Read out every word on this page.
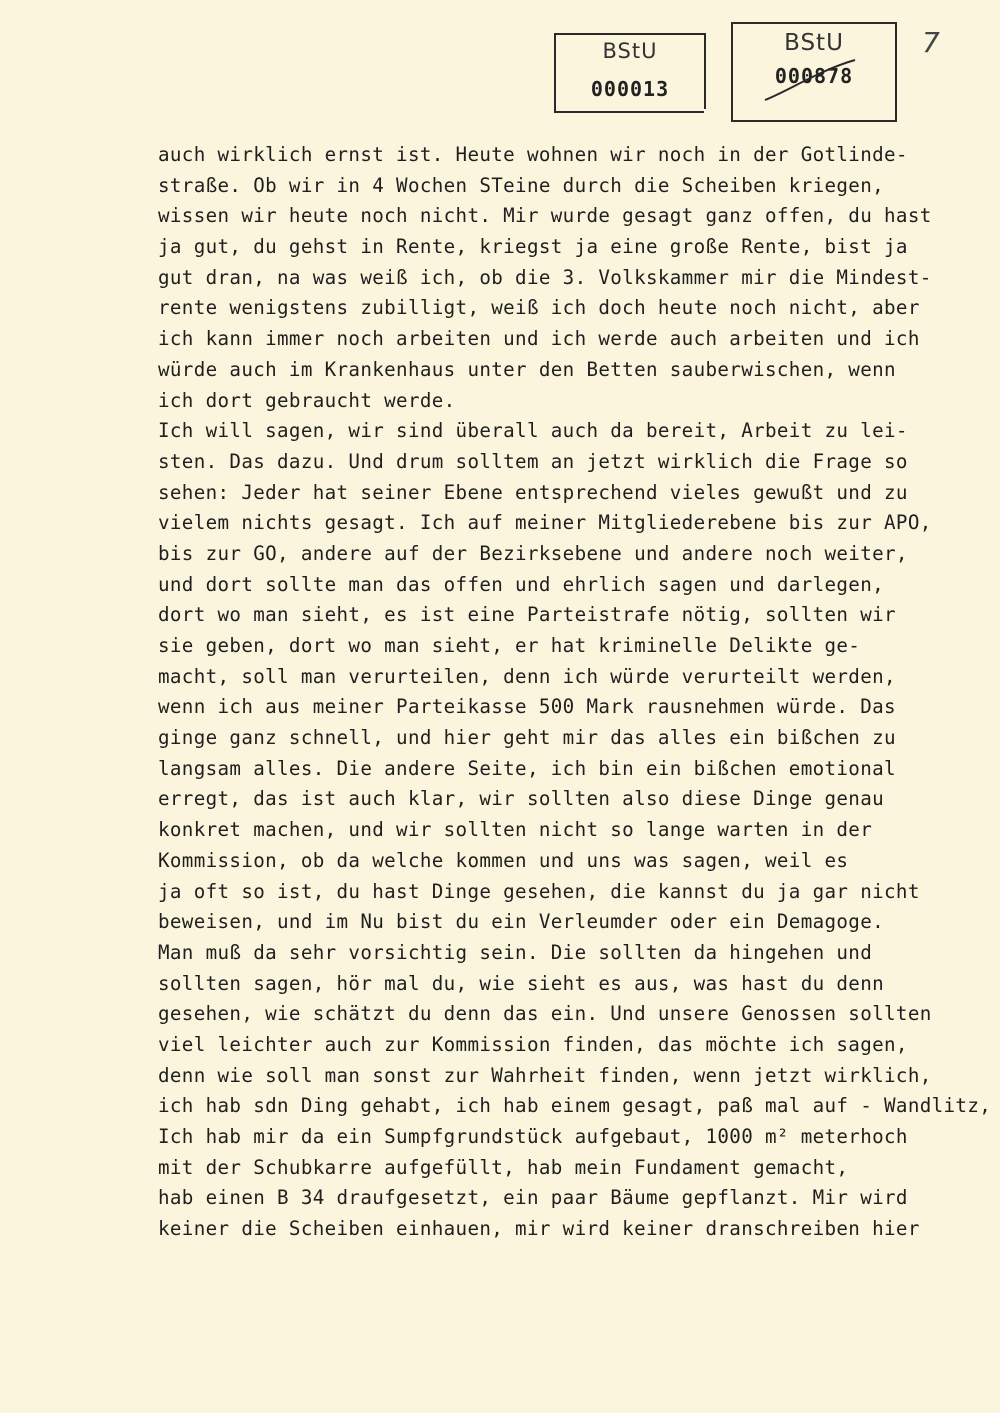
BStU
000013
BStU
000878
7
auch wirklich ernst ist. Heute wohnen wir noch in der Gotlinde-
straße. Ob wir in 4 Wochen STeine durch die Scheiben kriegen,
wissen wir heute noch nicht. Mir wurde gesagt ganz offen, du hast
ja gut, du gehst in Rente, kriegst ja eine große Rente, bist ja
gut dran, na was weiß ich, ob die 3. Volkskammer mir die Mindest-
rente wenigstens zubilligt, weiß ich doch heute noch nicht, aber
ich kann immer noch arbeiten und ich werde auch arbeiten und ich
würde auch im Krankenhaus unter den Betten sauberwischen, wenn
ich dort gebraucht werde.
Ich will sagen, wir sind überall auch da bereit, Arbeit zu lei-
sten. Das dazu. Und drum solltem an jetzt wirklich die Frage so
sehen: Jeder hat seiner Ebene entsprechend vieles gewußt und zu
vielem nichts gesagt. Ich auf meiner Mitgliederebene bis zur APO,
bis zur GO, andere auf der Bezirksebene und andere noch weiter,
und dort sollte man das offen und ehrlich sagen und darlegen,
dort wo man sieht, es ist eine Parteistrafe nötig, sollten wir
sie geben, dort wo man sieht, er hat kriminelle Delikte ge-
macht, soll man verurteilen, denn ich würde verurteilt werden,
wenn ich aus meiner Parteikasse 500 Mark rausnehmen würde. Das
ginge ganz schnell, und hier geht mir das alles ein bißchen zu
langsam alles. Die andere Seite, ich bin ein bißchen emotional
erregt, das ist auch klar, wir sollten also diese Dinge genau
konkret machen, und wir sollten nicht so lange warten in der
Kommission, ob da welche kommen und uns was sagen, weil es
ja oft so ist, du hast Dinge gesehen, die kannst du ja gar nicht
beweisen, und im Nu bist du ein Verleumder oder ein Demagoge.
Man muß da sehr vorsichtig sein. Die sollten da hingehen und
sollten sagen, hör mal du, wie sieht es aus, was hast du denn
gesehen, wie schätzt du denn das ein. Und unsere Genossen sollten
viel leichter auch zur Kommission finden, das möchte ich sagen,
denn wie soll man sonst zur Wahrheit finden, wenn jetzt wirklich,
ich hab sdn Ding gehabt, ich hab einem gesagt, paß mal auf - Wandlitz,
Ich hab mir da ein Sumpfgrundstück aufgebaut, 1000 m² meterhoch
mit der Schubkarre aufgefüllt, hab mein Fundament gemacht,
hab einen B 34 draufgesetzt, ein paar Bäume gepflanzt. Mir wird
keiner die Scheiben einhauen, mir wird keiner dranschreiben hier
